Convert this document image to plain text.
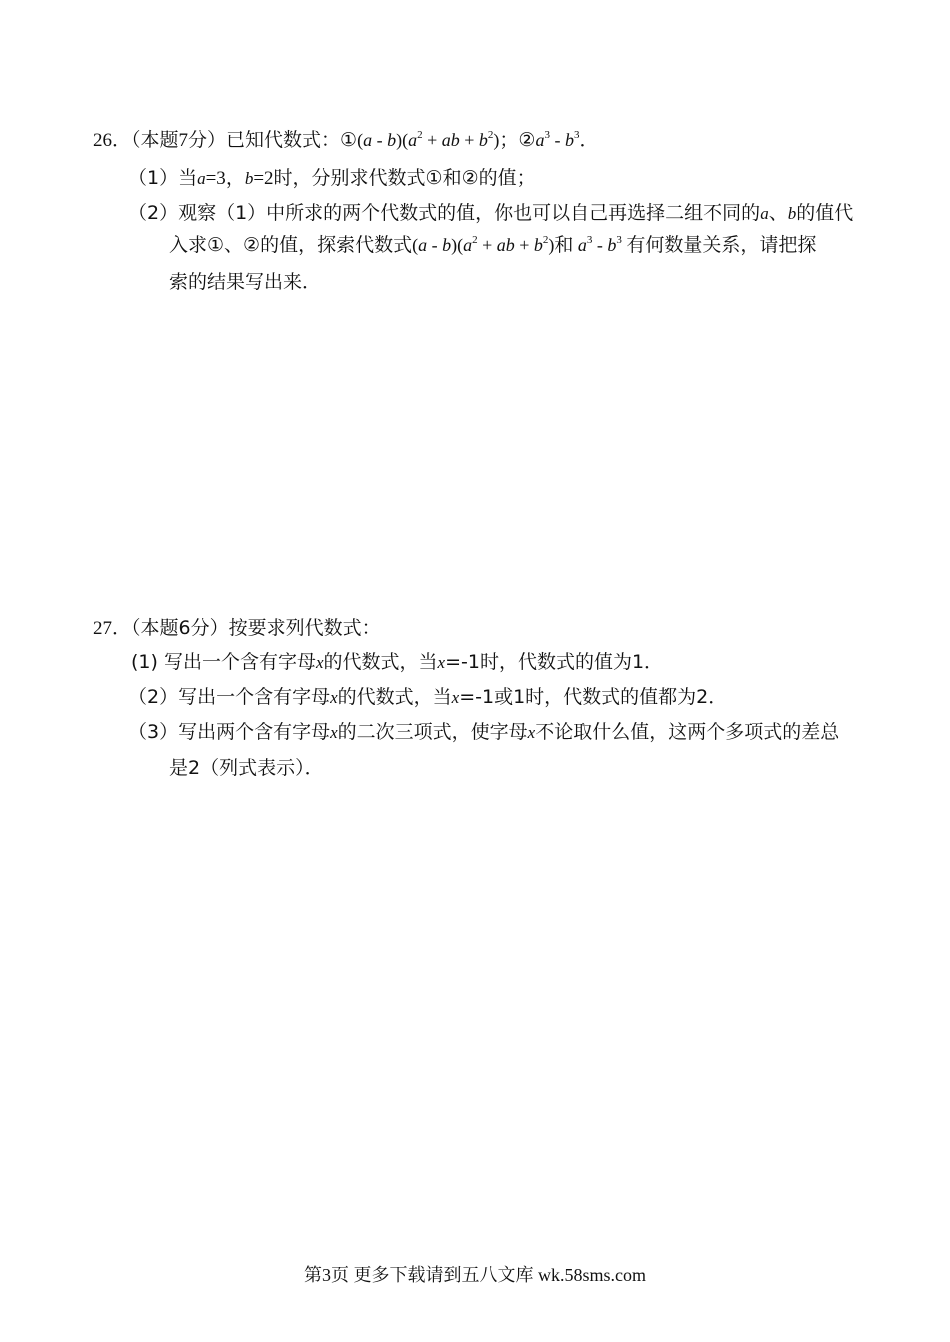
26．（本题7分）已知代数式：①(a - $b)(a^2$ + ab + $b^2$)；$②a^3 - b^3$．
（1）当a=3，b=2时，分别求代数式①和②的值；
（2）观察（1）中所求的两个代数式的值，你也可以自己再选择二组不同的a、b的值代
入求①、②的值，探索代数式$(a - b)(a^2$ + ab + $b^2$)和 $a^3 - b^3$ 有何数量关系，请把探
索的结果写出来．
27．（本题6分）按要求列代数式：
(1) 写出一个含有字母x的代数式，当x=-1时，代数式的值为1．
（2）写出一个含有字母x的代数式，当x=-1或1时，代数式的值都为2．
（3）写出两个含有字母x的二次三项式，使字母x不论取什么值，这两个多项式的差总
是2（列式表示）．
第3页 更多下载请到五八文库 wk.58sms.com
